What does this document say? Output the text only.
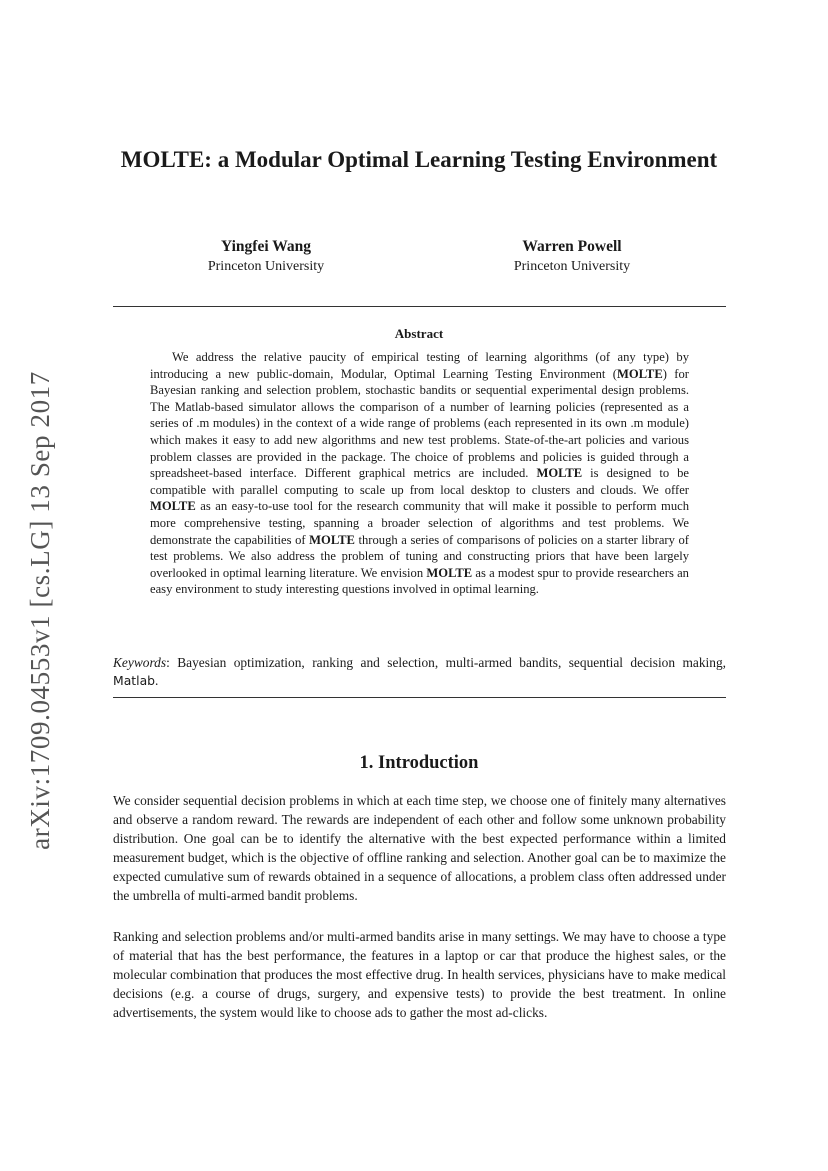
arXiv:1709.04553v1 [cs.LG] 13 Sep 2017
MOLTE: a Modular Optimal Learning Testing Environment
Yingfei Wang
Princeton University
Warren Powell
Princeton University
Abstract

We address the relative paucity of empirical testing of learning algorithms (of any type) by introducing a new public-domain, Modular, Optimal Learning Testing Environment (MOLTE) for Bayesian ranking and selection problem, stochastic bandits or sequential experimental design problems. The Matlab-based simulator allows the comparison of a number of learning policies (represented as a series of .m modules) in the context of a wide range of problems (each represented in its own .m module) which makes it easy to add new algorithms and new test problems. State-of-the-art policies and various problem classes are provided in the package. The choice of problems and policies is guided through a spreadsheet-based interface. Different graphical metrics are included. MOLTE is designed to be compatible with parallel computing to scale up from local desktop to clusters and clouds. We offer MOLTE as an easy-to-use tool for the research community that will make it possible to perform much more comprehensive testing, spanning a broader selection of algorithms and test problems. We demonstrate the capabilities of MOLTE through a series of comparisons of policies on a starter library of test problems. We also address the problem of tuning and constructing priors that have been largely overlooked in optimal learning literature. We envision MOLTE as a modest spur to provide researchers an easy environment to study interesting questions involved in optimal learning.

Keywords: Bayesian optimization, ranking and selection, multi-armed bandits, sequential decision making, Matlab.

1. Introduction

We consider sequential decision problems in which at each time step, we choose one of finitely many alternatives and observe a random reward. The rewards are independent of each other and follow some unknown probability distribution. One goal can be to identify the alternative with the best expected performance within a limited measurement budget, which is the objective of offline ranking and selection. Another goal can be to maximize the expected cumulative sum of rewards obtained in a sequence of allocations, a problem class often addressed under the umbrella of multi-armed bandit problems.

Ranking and selection problems and/or multi-armed bandits arise in many settings. We may have to choose a type of material that has the best performance, the features in a laptop or car that produce the highest sales, or the molecular combination that produces the most effective drug. In health services, physicians have to make medical decisions (e.g. a course of drugs, surgery, and expensive tests) to provide the best treatment. In online advertisements, the system would like to choose ads to gather the most ad-clicks.
